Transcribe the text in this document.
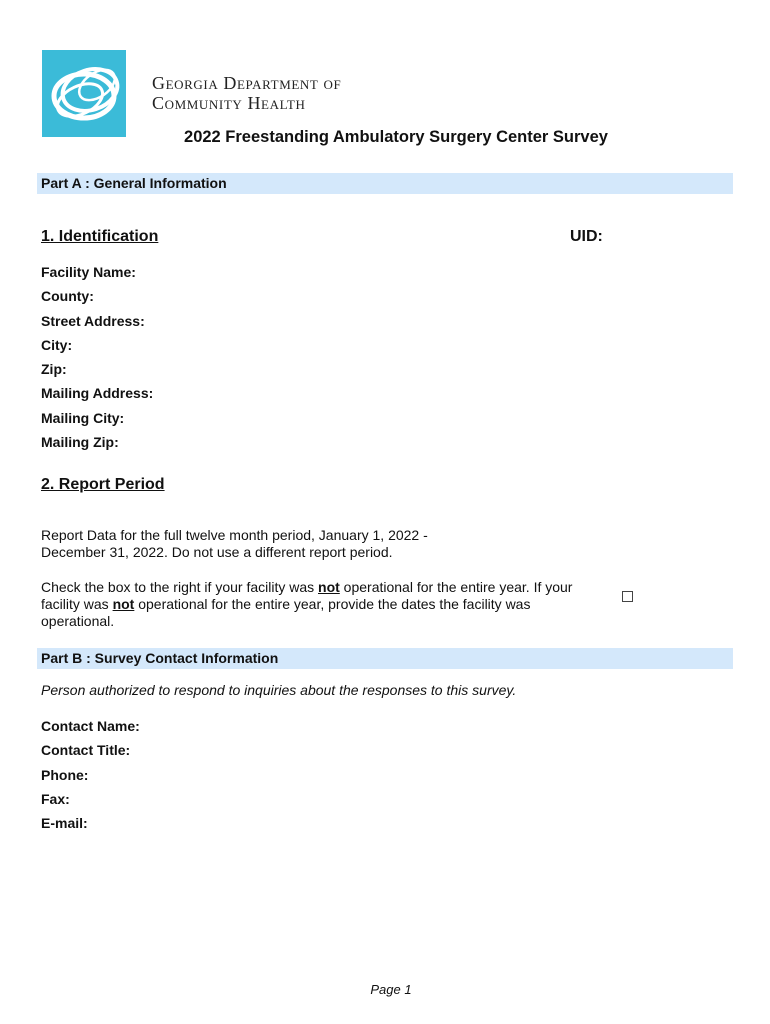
Georgia Department of
Community Health
2022 Freestanding Ambulatory Surgery Center Survey
Part A : General Information
1. Identification	UID:
Facility Name:
County:
Street Address:
City:
Zip:
Mailing Address:
Mailing City:
Mailing Zip:
2. Report Period
Report Data for the full twelve month period, January 1, 2022 - December 31, 2022. Do not use a different report period.
Check the box to the right if your facility was not operational for the entire year. If your facility was not operational for the entire year, provide the dates the facility was operational.
Part B : Survey Contact Information
Person authorized to respond to inquiries about the responses to this survey.
Contact Name:
Contact Title:
Phone:
Fax:
E-mail:
Page 1
